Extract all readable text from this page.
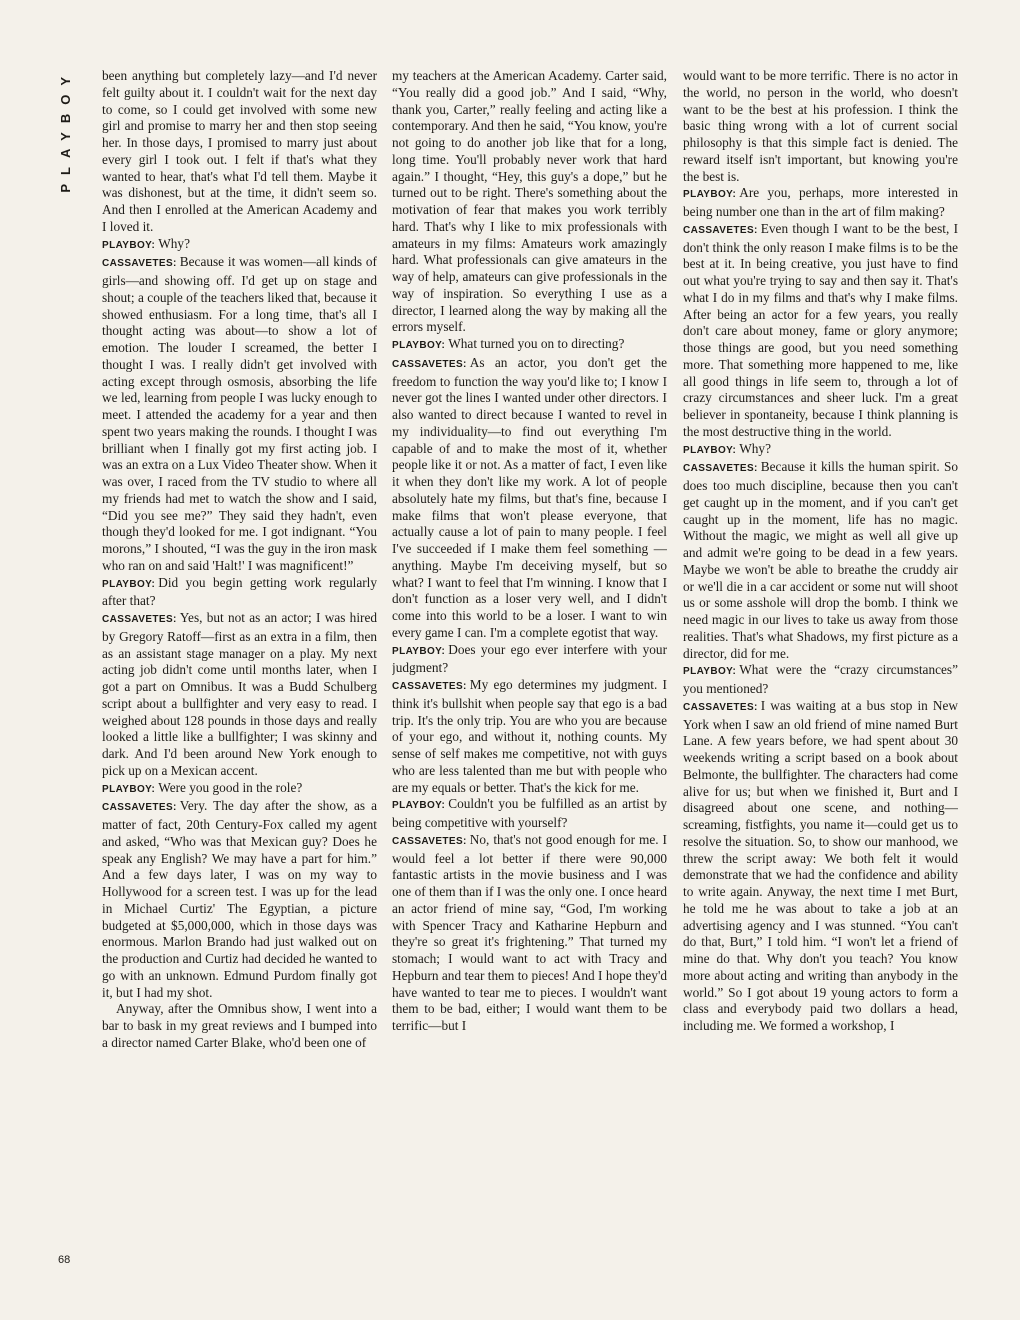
PLAYBOY been anything but completely lazy—and I'd never felt guilty about it. I couldn't wait for the next day to come, so I could get involved with some new girl and promise to marry her and then stop seeing her. In those days, I promised to marry just about every girl I took out. I felt if that's what they wanted to hear, that's what I'd tell them. Maybe it was dishonest, but at the time, it didn't seem so. And then I enrolled at the American Academy and I loved it.

PLAYBOY: Why?

CASSAVETES: Because it was women—all kinds of girls—and showing off. I'd get up on stage and shout; a couple of the teachers liked that, because it showed enthusiasm. For a long time, that's all I thought acting was about—to show a lot of emotion. The louder I screamed, the better I thought I was. I really didn't get involved with acting except through osmosis, absorbing the life we led, learning from people I was lucky enough to meet. I attended the academy for a year and then spent two years making the rounds. I thought I was brilliant when I finally got my first acting job. I was an extra on a Lux Video Theater show. When it was over, I raced from the TV studio to where all my friends had met to watch the show and I said, “Did you see me?” They said they hadn't, even though they'd looked for me. I got indignant. “You morons,” I shouted, “I was the guy in the iron mask who ran on and said 'Halt!' I was magnificent!”

PLAYBOY: Did you begin getting work regularly after that?

CASSAVETES: Yes, but not as an actor; I was hired by Gregory Ratoff—first as an extra in a film, then as an assistant stage manager on a play. My next acting job didn't come until months later, when I got a part on Omnibus. It was a Budd Schulberg script about a bullfighter and very easy to read. I weighed about 128 pounds in those days and really looked a little like a bullfighter; I was skinny and dark. And I'd been around New York enough to pick up on a Mexican accent.

PLAYBOY: Were you good in the role?

CASSAVETES: Very. The day after the show, as a matter of fact, 20th Century-Fox called my agent and asked, “Who was that Mexican guy? Does he speak any English? We may have a part for him.” And a few days later, I was on my way to Hollywood for a screen test. I was up for the lead in Michael Curtiz' The Egyptian, a picture budgeted at $5,000,000, which in those days was enormous. Marlon Brando had just walked out on the production and Curtiz had decided he wanted to go with an unknown. Edmund Purdom finally got it, but I had my shot.

Anyway, after the Omnibus show, I went into a bar to bask in my great reviews and I bumped into a director named Carter Blake, who'd been one of

my teachers at the American Academy. Carter said, “You really did a good job.” And I said, “Why, thank you, Carter,” really feeling and acting like a contemporary. And then he said, “You know, you're not going to do another job like that for a long, long time. You'll probably never work that hard again.” I thought, “Hey, this guy's a dope,” but he turned out to be right. There's something about the motivation of fear that makes you work terribly hard. That's why I like to mix professionals with amateurs in my films: Amateurs work amazingly hard. What professionals can give amateurs in the way of help, amateurs can give professionals in the way of inspiration. So everything I use as a director, I learned along the way by making all the errors myself.

PLAYBOY: What turned you on to directing?

CASSAVETES: As an actor, you don't get the freedom to function the way you'd like to; I know I never got the lines I wanted under other directors. I also wanted to direct because I wanted to revel in my individuality—to find out everything I'm capable of and to make the most of it, whether people like it or not. As a matter of fact, I even like it when they don't like my work. A lot of people absolutely hate my films, but that's fine, because I make films that won't please everyone, that actually cause a lot of pain to many people. I feel I've succeeded if I make them feel something —anything. Maybe I'm deceiving myself, but so what? I want to feel that I'm winning. I know that I don't function as a loser very well, and I didn't come into this world to be a loser. I want to win every game I can. I'm a complete egotist that way.

PLAYBOY: Does your ego ever interfere with your judgment?

CASSAVETES: My ego determines my judgment. I think it's bullshit when people say that ego is a bad trip. It's the only trip. You are who you are because of your ego, and without it, nothing counts. My sense of self makes me competitive, not with guys who are less talented than me but with people who are my equals or better. That's the kick for me.

PLAYBOY: Couldn't you be fulfilled as an artist by being competitive with yourself?

CASSAVETES: No, that's not good enough for me. I would feel a lot better if there were 90,000 fantastic artists in the movie business and I was one of them than if I was the only one. I once heard an actor friend of mine say, “God, I'm working with Spencer Tracy and Katharine Hepburn and they're so great it's frightening.” That turned my stomach; I would want to act with Tracy and Hepburn and tear them to pieces! And I hope they'd have wanted to tear me to pieces. I wouldn't want them to be bad, either; I would want them to be terrific—but I

would want to be more terrific. There is no actor in the world, no person in the world, who doesn't want to be the best at his profession. I think the basic thing wrong with a lot of current social philosophy is that this simple fact is denied. The reward itself isn't important, but knowing you're the best is.

PLAYBOY: Are you, perhaps, more interested in being number one than in the art of film making?

CASSAVETES: Even though I want to be the best, I don't think the only reason I make films is to be the best at it. In being creative, you just have to find out what you're trying to say and then say it. That's what I do in my films and that's why I make films. After being an actor for a few years, you really don't care about money, fame or glory anymore; those things are good, but you need something more. That something more happened to me, like all good things in life seem to, through a lot of crazy circumstances and sheer luck. I'm a great believer in spontaneity, because I think planning is the most destructive thing in the world.

PLAYBOY: Why?

CASSAVETES: Because it kills the human spirit. So does too much discipline, because then you can't get caught up in the moment, and if you can't get caught up in the moment, life has no magic. Without the magic, we might as well all give up and admit we're going to be dead in a few years. Maybe we won't be able to breathe the cruddy air or we'll die in a car accident or some nut will shoot us or some asshole will drop the bomb. I think we need magic in our lives to take us away from those realities. That's what Shadows, my first picture as a director, did for me.

PLAYBOY: What were the “crazy circumstances” you mentioned?

CASSAVETES: I was waiting at a bus stop in New York when I saw an old friend of mine named Burt Lane. A few years before, we had spent about 30 weekends writing a script based on a book about Belmonte, the bullfighter. The characters had come alive for us; but when we finished it, Burt and I disagreed about one scene, and nothing—screaming, fistfights, you name it—could get us to resolve the situation. So, to show our manhood, we threw the script away: We both felt it would demonstrate that we had the confidence and ability to write again. Anyway, the next time I met Burt, he told me he was about to take a job at an advertising agency and I was stunned. “You can't do that, Burt,” I told him. “I won't let a friend of mine do that. Why don't you teach? You know more about acting and writing than anybody in the world.” So I got about 19 young actors to form a class and everybody paid two dollars a head, including me. We formed a workshop, I

68
